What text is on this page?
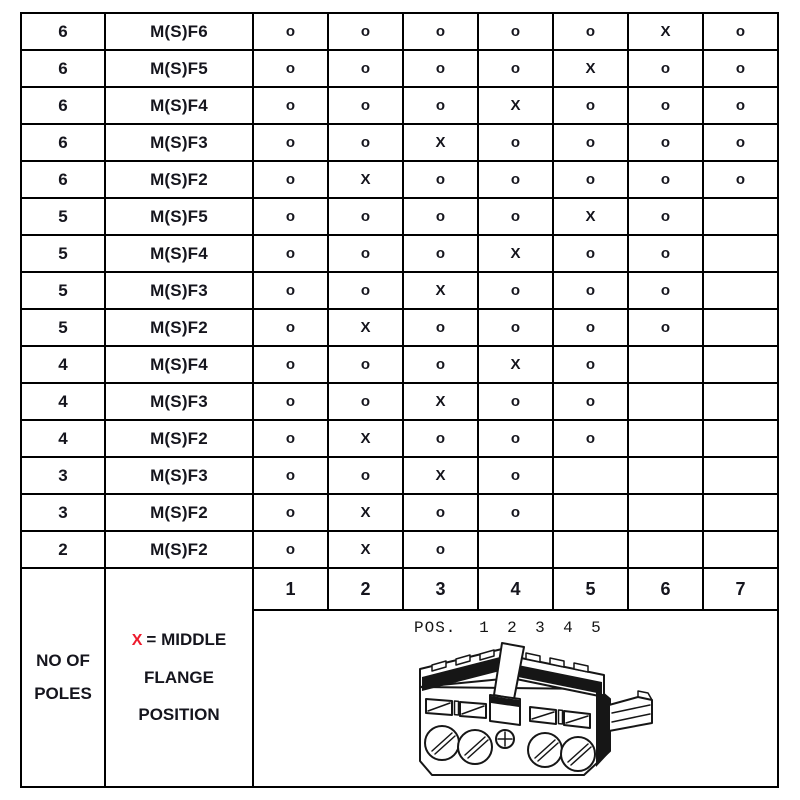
6	M(S)F6	o	o	o	o	o	X	o
6	M(S)F5	o	o	o	o	X	o	o
6	M(S)F4	o	o	o	X	o	o	o
6	M(S)F3	o	o	X	o	o	o	o
6	M(S)F2	o	X	o	o	o	o	o
5	M(S)F5	o	o	o	o	X	o	
5	M(S)F4	o	o	o	X	o	o	
5	M(S)F3	o	o	X	o	o	o	
5	M(S)F2	o	X	o	o	o	o	
4	M(S)F4	o	o	o	X	o		
4	M(S)F3	o	o	X	o	o		
4	M(S)F2	o	X	o	o	o		
3	M(S)F3	o	o	X	o			
3	M(S)F2	o	X	o	o			
2	M(S)F2	o	X	o				
NO OF POLES	X = MIDDLE
FLANGE
POSITION	1	2	3	4	5	6	7

		POS. 1 2 3 4 5						
